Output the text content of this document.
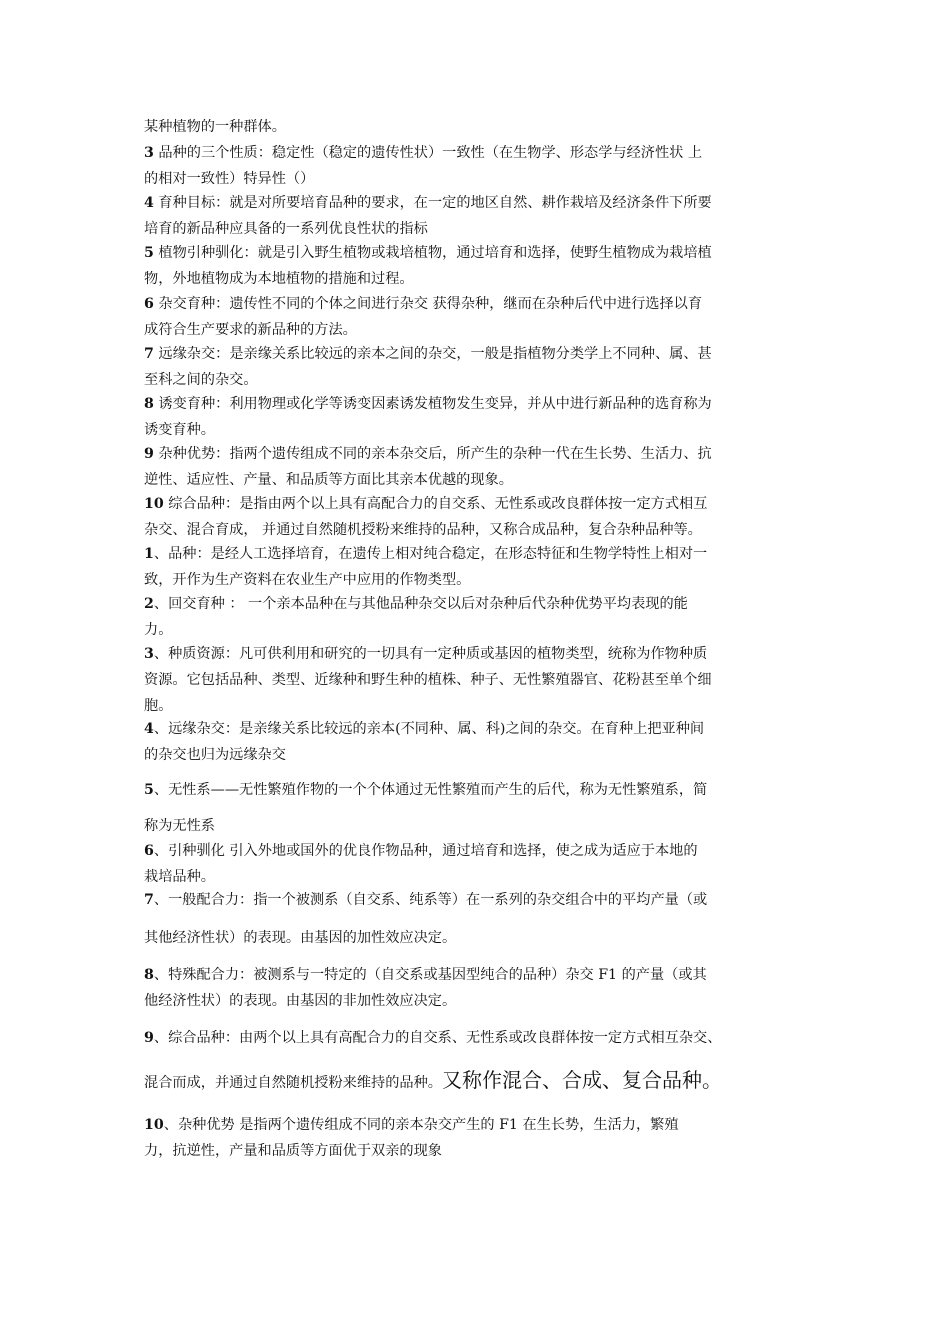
某种植物的一种群体。
3 品种的三个性质：稳定性（稳定的遗传性状）一致性（在生物学、形态学与经济性状 上
的相对一致性）特异性（）
4 育种目标：就是对所要培育品种的要求，在一定的地区自然、耕作栽培及经济条件下所要
培育的新品种应具备的一系列优良性状的指标
5 植物引种驯化：就是引入野生植物或栽培植物，通过培育和选择，使野生植物成为栽培植
物，外地植物成为本地植物的措施和过程。
6 杂交育种：遗传性不同的个体之间进行杂交 获得杂种，继而在杂种后代中进行选择以育
成符合生产要求的新品种的方法。
7 远缘杂交：是亲缘关系比较远的亲本之间的杂交，一般是指植物分类学上不同种、属、甚
至科之间的杂交。
8 诱变育种：利用物理或化学等诱变因素诱发植物发生变异，并从中进行新品种的选育称为
诱变育种。
9 杂种优势：指两个遗传组成不同的亲本杂交后，所产生的杂种一代在生长势、生活力、抗
逆性、适应性、产量、和品质等方面比其亲本优越的现象。
10 综合品种：是指由两个以上具有高配合力的自交系、无性系或改良群体按一定方式相互
杂交、混合育成， 并通过自然随机授粉来维持的品种，又称合成品种，复合杂种品种等。
1、品种：是经人工选择培育，在遗传上相对纯合稳定，在形态特征和生物学特性上相对一
致，开作为生产资料在农业生产中应用的作物类型。
2、回交育种 ： 一个亲本品种在与其他品种杂交以后对杂种后代杂种优势平均表现的能
力。
3、种质资源：凡可供利用和研究的一切具有一定种质或基因的植物类型，统称为作物种质
资源。它包括品种、类型、近缘种和野生种的植株、种子、无性繁殖器官、花粉甚至单个细
胞。
4、远缘杂交：是亲缘关系比较远的亲本(不同种、属、科)之间的杂交。在育种上把亚种间
的杂交也归为远缘杂交
5、无性系——无性繁殖作物的一个个体通过无性繁殖而产生的后代，称为无性繁殖系，简
称为无性系
6、引种驯化 引入外地或国外的优良作物品种，通过培育和选择，使之成为适应于本地的
栽培品种。
7、一般配合力：指一个被测系（自交系、纯系等）在一系列的杂交组合中的平均产量（或
其他经济性状）的表现。由基因的加性效应决定。
8、特殊配合力：被测系与一特定的（自交系或基因型纯合的品种）杂交 F1 的产量（或其
他经济性状）的表现。由基因的非加性效应决定。
9、综合品种：由两个以上具有高配合力的自交系、无性系或改良群体按一定方式相互杂交、
混合而成，并通过自然随机授粉来维持的品种。又称作混合、合成、复合品种。
10、杂种优势 是指两个遗传组成不同的亲本杂交产生的 F1 在生长势，生活力，繁殖
力，抗逆性，产量和品质等方面优于双亲的现象
